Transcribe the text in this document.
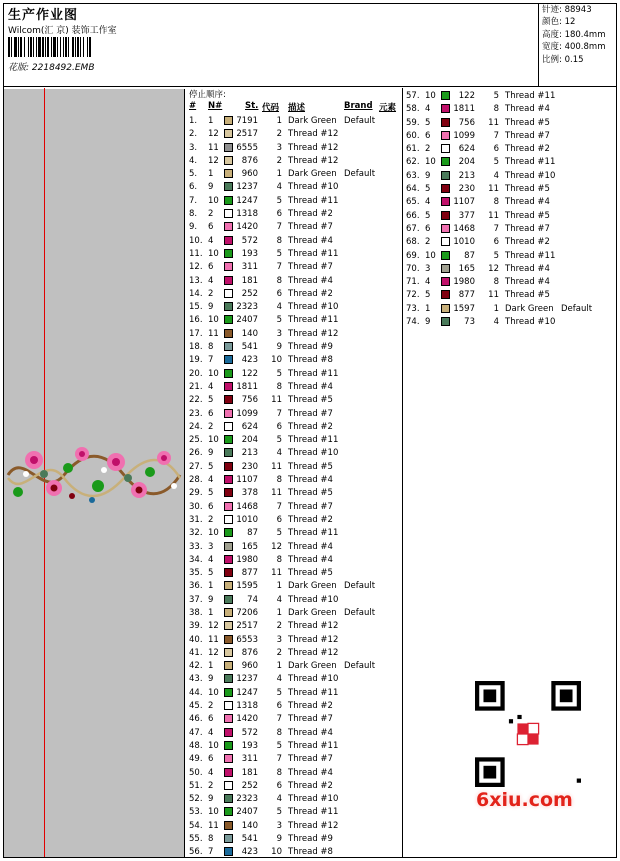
生产作业图
Wilcom(汇 京) 装饰工作室
花版: 2218492.EMB
针迹: 88943
颜色: 12
高度: 180.4mm
宽度: 400.8mm
比例: 0.15
停止顺序:
# N#	St. 代码 描述	Brand 元素
1. 1	7191	1 Dark Green Default
2. 12 2517	2 Thread #12
3. 11 6555	3 Thread #12
4. 12	876	2 Thread #12
5. 1	960	1 Dark Green Default
6. 9	1237	4 Thread #10
7. 10 1247	5 Thread #11
8. 2	1318	6 Thread #2
9. 6	1420	7 Thread #7
10. 4	572	8 Thread #4
11. 10	193	5 Thread #11
12. 6	311	7 Thread #7
13. 4	181	8 Thread #4
14. 2	252	6 Thread #2
15. 9	2323	4 Thread #10
16. 10 2407	5 Thread #11
17. 11	140	3 Thread #12
18. 8	541	9 Thread #9
19. 7	423	10 Thread #8
20. 10	122	5 Thread #11
21. 4	1811	8 Thread #4
22. 5	756	11 Thread #5
23. 6	1099	7 Thread #7
24. 2	624	6 Thread #2
25. 10	204	5 Thread #11
26. 9	213	4 Thread #10
27. 5	230	11 Thread #5
28. 4	1107	8 Thread #4
29. 5	378	11 Thread #5
30. 6	1468	7 Thread #7
31. 2	1010	6 Thread #2
32. 10	87	5 Thread #11
33. 3	165	12 Thread #4
34. 4	1980	8 Thread #4
35. 5	877	11 Thread #5
36. 1	1595	1 Dark Green Default
37. 9	74	4 Thread #10
38. 1	7206	1 Dark Green Default
39. 12 2517	2 Thread #12
40. 11 6553	3 Thread #12
41. 12	876	2 Thread #12
42. 1	960	1 Dark Green Default
43. 9	1237	4 Thread #10
44. 10 1247	5 Thread #11
45. 2	1318	6 Thread #2
46. 6	1420	7 Thread #7
47. 4	572	8 Thread #4
48. 10	193	5 Thread #11
49. 6	311	7 Thread #7
50. 4	181	8 Thread #4
51. 2	252	6 Thread #2
52. 9	2323	4 Thread #10
53. 10 2407	5 Thread #11
54. 11	140	3 Thread #12
55. 8	541	9 Thread #9
56. 7	423	10 Thread #8
57. 10	122	5 Thread #11
58. 4	1811	8 Thread #4
59. 5	756	11 Thread #5
60. 6	1099	7 Thread #7
61. 2	624	6 Thread #2
62. 10	204	5 Thread #11
63. 9	213	4 Thread #10
64. 5	230	11 Thread #5
65. 4	1107	8 Thread #4
66. 5	377	11 Thread #5
67. 6	1468	7 Thread #7
68. 2	1010	6 Thread #2
69. 10	87	5 Thread #11
70. 3	165	12 Thread #4
71. 4	1980	8 Thread #4
72. 5	877	11 Thread #5
73. 1	1597	1 Dark Green Default
74. 9	73	4 Thread #10
6xiu.com
